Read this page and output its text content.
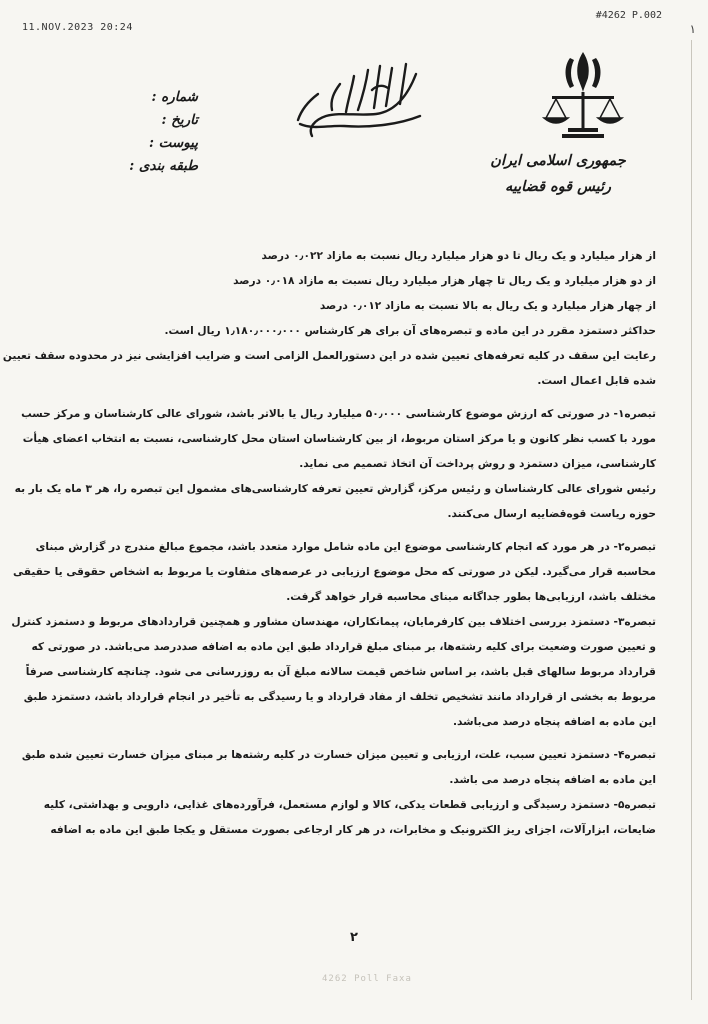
11.NOV.2023 20:24
#4262 P.002
۱
شماره :
تاریخ :
پیوست :
طبقه بندی :	جمهوری اسلامی ایران
رئیس قوه قضاییه

از هزار میلیارد و یک ریال تا دو هزار میلیارد ریال نسبت به مازاد ۰٫۰۲۲ درصد

از دو هزار میلیارد و یک ریال تا چهار هزار میلیارد ریال نسبت به مازاد ۰٫۰۱۸ درصد

از چهار هزار میلیارد و یک ریال به بالا نسبت به مازاد ۰٫۰۱۲ درصد

حداکثر دستمزد مقرر در این ماده و تبصره‌های آن برای هر کارشناس ۱٫۱۸۰٫۰۰۰٫۰۰۰ ریال است.

رعایت این سقف در کلیه تعرفه‌های تعیین شده در این دستورالعمل الزامی است و ضرایب افزایشی نیز در محدوده سقف تعیین

شده قابل اعمال است.

تبصره۱- در صورتی که ارزش موضوع کارشناسی ۵۰٫۰۰۰ میلیارد ریال یا بالاتر باشد، شورای عالی کارشناسان و مرکز حسب

مورد با کسب نظر کانون و یا مرکز استان مربوط، از بین کارشناسان استان محل کارشناسی، نسبت به انتخاب اعضای هیأت

کارشناسی، میزان دستمزد و روش پرداخت آن اتخاذ تصمیم می نماید.

رئیس شورای عالی کارشناسان و رئیس مرکز، گزارش تعیین تعرفه کارشناسی‌های مشمول این تبصره را، هر ۳ ماه یک بار به

حوزه ریاست قوه‌قضاییه ارسال می‌کنند.

تبصره۲- در هر مورد که انجام کارشناسی موضوع این ماده شامل موارد متعدد باشد، مجموع مبالغ مندرج در گزارش مبنای

محاسبه قرار می‌گیرد. لیکن در صورتی که محل موضوع ارزیابی در عرصه‌های متفاوت یا مربوط به اشخاص حقوقی یا حقیقی

مختلف باشد، ارزیابی‌ها بطور جداگانه مبنای محاسبه قرار خواهد گرفت.

تبصره۳- دستمزد بررسی اختلاف بین کارفرمایان، پیمانکاران، مهندسان مشاور و همچنین قراردادهای مربوط و دستمزد کنترل

و تعیین صورت وضعیت برای کلیه رشته‌ها، بر مبنای مبلغ قرارداد طبق این ماده به اضافه صددرصد می‌باشد. در صورتی که

قرارداد مربوط سالهای قبل باشد، بر اساس شاخص قیمت سالانه مبلغ آن به روزرسانی می شود. چنانچه کارشناسی صرفاً

مربوط به بخشی از قرارداد مانند تشخیص تخلف از مفاد قرارداد و یا رسیدگی به تأخیر در انجام قرارداد باشد، دستمزد طبق

این ماده به اضافه پنجاه درصد می‌باشد.

تبصره۴- دستمزد تعیین سبب، علت، ارزیابی و تعیین میزان خسارت در کلیه رشته‌ها بر مبنای میزان خسارت تعیین شده طبق

این ماده به اضافه پنجاه درصد می باشد.

تبصره۵- دستمزد رسیدگی و ارزیابی قطعات یدکی، کالا و لوازم مستعمل، فرآورده‌های غذایی، دارویی و بهداشتی، کلیه

ضایعات، ابزارآلات، اجزای ریز الکترونیک و مخابرات، در هر کار ارجاعی بصورت مستقل و یکجا طبق این ماده به اضافه

۲
4262 Poll Faxa
